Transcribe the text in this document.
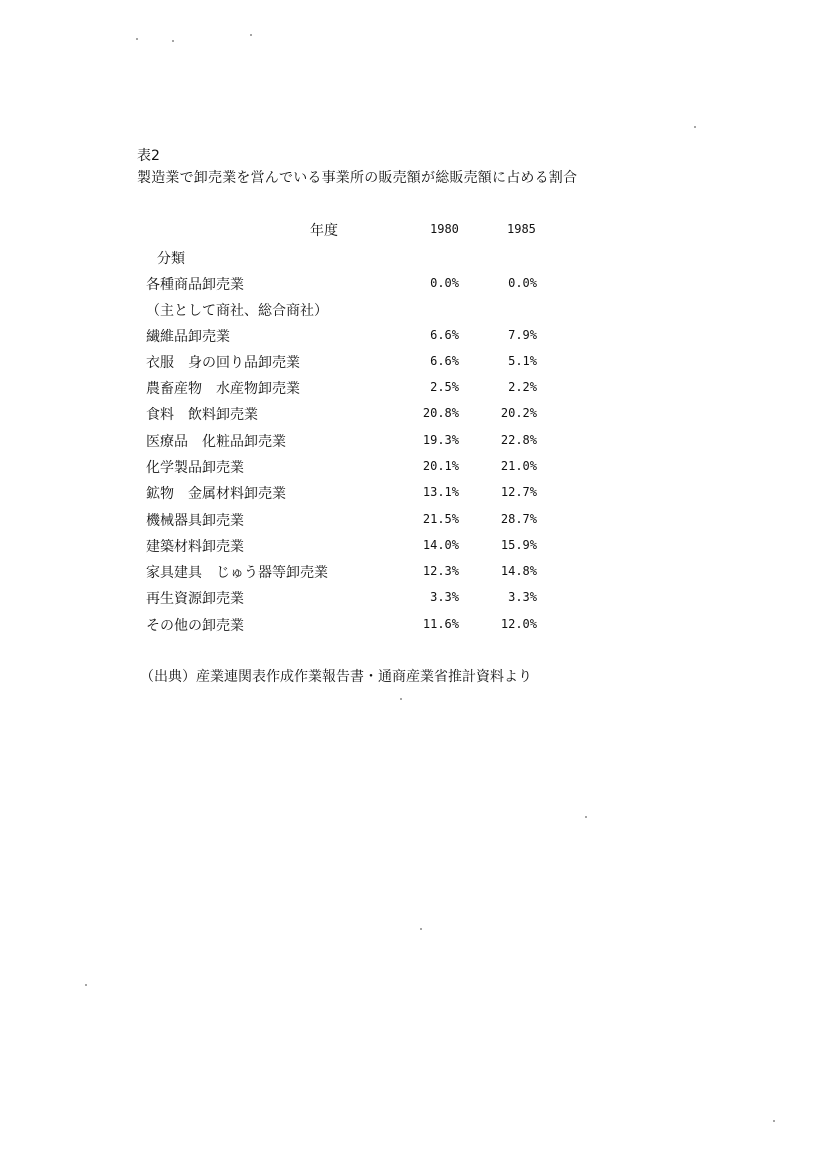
表2
製造業で卸売業を営んでいる事業所の販売額が総販売額に占める割合
年度	1980	1985
分類
各種商品卸売業	0.0%	0.0%
（主として商社、総合商社）
繊維品卸売業	6.6%	7.9%
衣服　身の回り品卸売業	6.6%	5.1%
農畜産物　水産物卸売業	2.5%	2.2%
食料　飲料卸売業	20.8%	20.2%
医療品　化粧品卸売業	19.3%	22.8%
化学製品卸売業	20.1%	21.0%
鉱物　金属材料卸売業	13.1%	12.7%
機械器具卸売業	21.5%	28.7%
建築材料卸売業	14.0%	15.9%
家具建具　じゅう器等卸売業	12.3%	14.8%
再生資源卸売業	3.3%	3.3%
その他の卸売業	11.6%	12.0%
（出典）産業連関表作成作業報告書・通商産業省推計資料より
